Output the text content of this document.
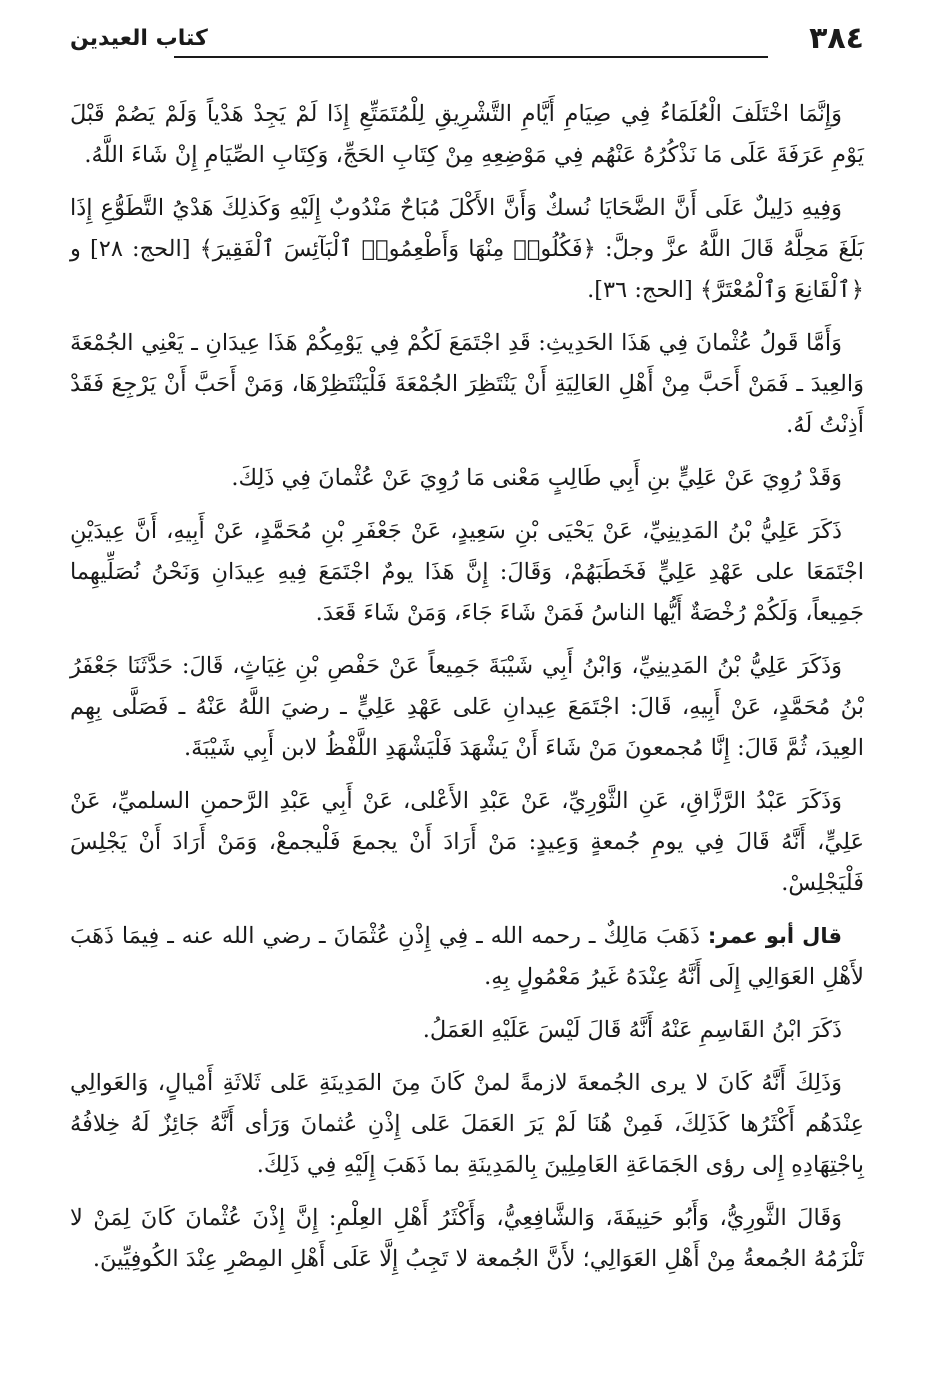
٣٨٤
كتاب العيدين

وَإِنَّمَا اخْتَلَفَ الْعُلَمَاءُ فِي صِيَامِ أَيَّامِ التَّشْرِيقِ لِلْمُتَمَتِّعِ إِذَا لَمْ يَجِدْ هَدْياً وَلَمْ يَصُمْ قَبْلَ يَوْمِ عَرَفَةَ عَلَى مَا نَذْكُرُهُ عَنْهُم فِي مَوْضِعِهِ مِنْ كِتَابِ الحَجِّ، وَكِتَابِ الصِّيَامِ إِنْ شَاءَ اللَّهُ.

وَفِيهِ دَلِيلٌ عَلَى أَنَّ الضَّحَايَا نُسكٌ وَأَنَّ الأَكْلَ مُبَاحٌ مَنْدُوبٌ إِلَيْهِ وَكَذلِكَ هَدْيُ التَّطَوُّعِ إِذَا بَلَغَ مَحِلَّهُ قَالَ اللَّهُ عزَّ وجلَّ: ﴿فَكُلُوا۟ مِنْهَا وَأَطْعِمُوا۟ ٱلْبَآئِسَ ٱلْفَقِيرَ﴾ [الحج: ٢٨] و ﴿ٱلْقَانِعَ وَٱلْمُعْتَرَّ﴾ [الحج: ٣٦].

وَأَمَّا قَولُ عُثْمانَ فِي هَذَا الحَدِيثِ: قَدِ اجْتَمَعَ لَكُمْ فِي يَوْمِكُمْ هَذَا عِيدَانِ ـ يَعْنِي الجُمْعَةَ وَالعِيدَ ـ فَمَنْ أَحَبَّ مِنْ أَهْلِ العَالِيَةِ أَنْ يَنْتَظِرَ الجُمْعَةَ فَلْيَنْتَظِرْهَا، وَمَنْ أَحَبَّ أَنْ يَرْجِعَ فَقَدْ أَذِنْتُ لَهُ.

وَقَدْ رُوِيَ عَنْ عَلِيٍّ بنِ أَبِي طَالِبٍ مَعْنى مَا رُوِيَ عَنْ عُثْمانَ فِي ذَلِكَ.

ذَكَرَ عَلِيُّ بْنُ المَدِينِيِّ، عَنْ يَحْيَى بْنِ سَعِيدٍ، عَنْ جَعْفَرِ بْنِ مُحَمَّدٍ، عَنْ أَبِيهِ، أَنَّ عِيدَيْنِ اجْتَمَعَا على عَهْدِ عَلِيٍّ فَخَطَبَهُمْ، وَقَالَ: إِنَّ هَذَا يومٌ اجْتَمَعَ فِيهِ عِيدَانِ وَنَحْنُ نُصَلِّيهِما جَمِيعاً، وَلَكُمْ رُخْصَةٌ أَيُّها الناسُ فَمَنْ شَاءَ جَاءَ، وَمَنْ شَاءَ قَعَدَ.

وَذَكَرَ عَلِيُّ بْنُ المَدِينِيِّ، وَابْنُ أَبِي شَيْبَةَ جَمِيعاً عَنْ حَفْصِ بْنِ غِيَاثٍ، قَالَ: حَدَّثَنَا جَعْفَرُ بْنُ مُحَمَّدٍ، عَنْ أَبِيهِ، قَالَ: اجْتَمَعَ عِيدانِ عَلى عَهْدِ عَلِيٍّ ـ رضيَ اللَّهُ عَنْهُ ـ فَصَلَّى بِهِم العِيدَ، ثُمَّ قَالَ: إِنَّا مُجمعونَ مَنْ شَاءَ أَنْ يَشْهَدَ فَلْيَشْهَدِ اللَّفْظُ لابن أَبِي شَيْبَةَ.

وَذَكَرَ عَبْدُ الرَّزَّاقِ، عَنِ الثَّوْرِيِّ، عَنْ عَبْدِ الأَعْلى، عَنْ أَبِي عَبْدِ الرَّحمنِ السلميِّ، عَنْ عَلِيٍّ، أَنَّهُ قَالَ فِي يومِ جُمعةٍ وَعِيدٍ: مَنْ أَرَادَ أَنْ يجمعَ فَلْيجمعْ، وَمَنْ أَرَادَ أَنْ يَجْلِسَ فَلْيَجْلِسْ.

قال أبو عمر: ذَهَبَ مَالِكٌ ـ رحمه الله ـ فِي إِذْنِ عُثْمَانَ ـ رضي الله عنه ـ فِيمَا ذَهَبَ لأَهْلِ العَوَالِي إِلَى أَنَّهُ عِنْدَهُ غَيرُ مَعْمُولٍ بِهِ.

ذَكَرَ ابْنُ القَاسِمِ عَنْهُ أَنَّهُ قَالَ لَيْسَ عَلَيْهِ العَمَلُ.

وَذَلِكَ أَنَّهُ كَانَ لا يرى الجُمعةَ لازمةً لمنْ كَانَ مِنَ المَدِينَةِ عَلى ثَلاثَةِ أَمْيالٍ، وَالعَوالِي عِنْدَهُم أَكْثَرُها كَذَلِكَ، فَمِنْ هُنَا لَمْ يَرَ العَمَلَ عَلى إِذْنِ عُثمانَ وَرَأى أَنَّهُ جَائِزٌ لَهُ خِلافُهُ بِاجْتِهَادِهِ إِلى رؤى الجَمَاعَةِ العَامِلِينَ بِالمَدِينَةِ بما ذَهَبَ إِلَيْهِ فِي ذَلِكَ.

وَقَالَ الثَّورِيُّ، وَأَبُو حَنِيفَةَ، وَالشَّافِعِيُّ، وَأَكْثَرُ أَهْلِ العِلْمِ: إِنَّ إِذْنَ عُثْمانَ كَانَ لِمَنْ لا تَلْزَمُهُ الجُمعةُ مِنْ أَهْلِ العَوَالِي؛ لأَنَّ الجُمعة لا تَجِبُ إِلَّا عَلَى أَهْلِ المِصْرِ عِنْدَ الكُوفِيِّينَ.
